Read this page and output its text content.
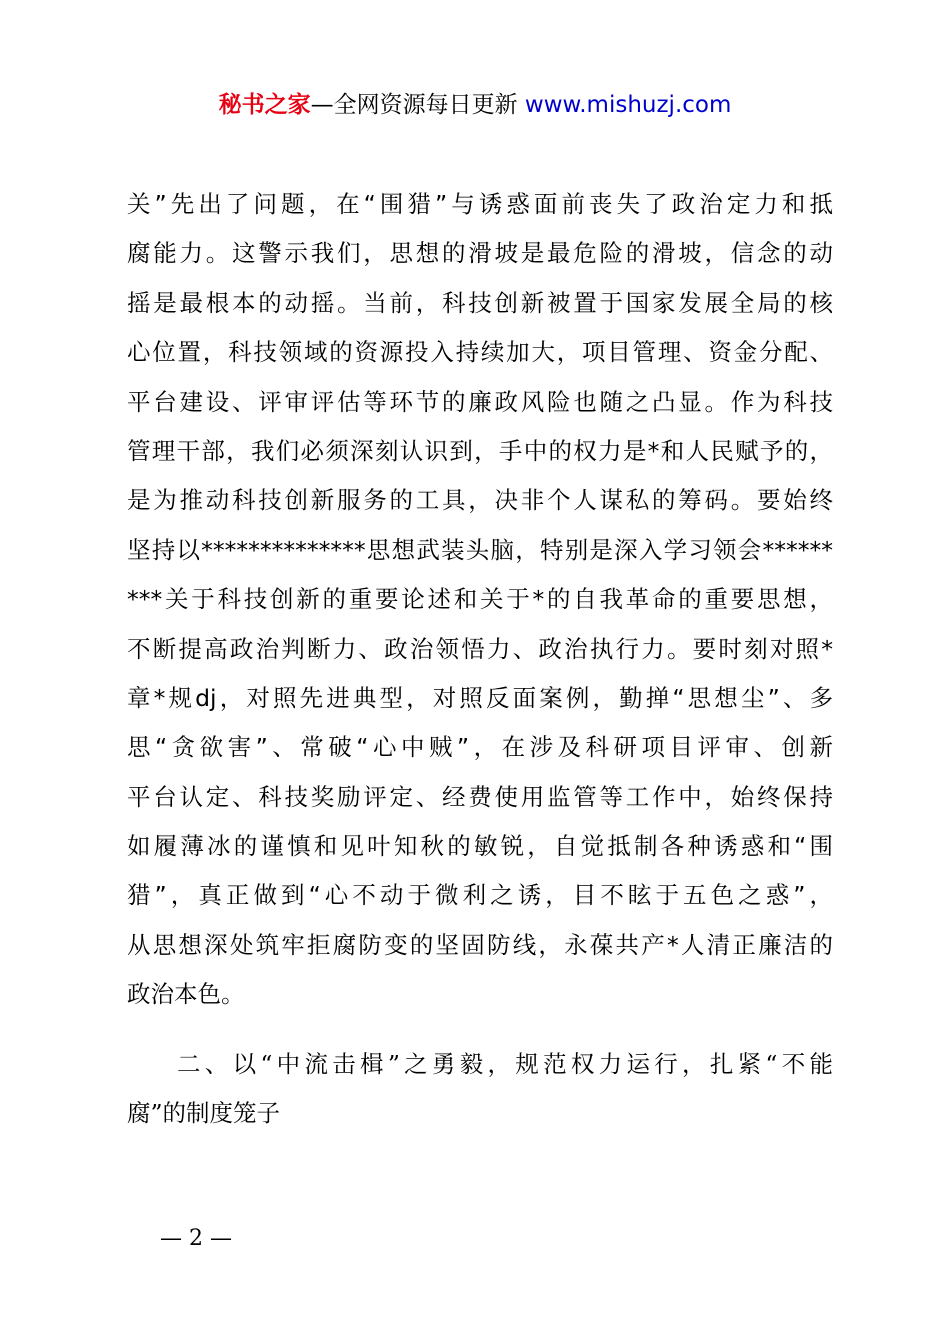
秘书之家—全网资源每日更新 www.mishuzj.com
关”先出了问题，在“围猎”与诱惑面前丧失了政治定力和抵
腐能力。这警示我们，思想的滑坡是最危险的滑坡，信念的动
摇是最根本的动摇。当前，科技创新被置于国家发展全局的核
心位置，科技领域的资源投入持续加大，项目管理、资金分配、
平台建设、评审评估等环节的廉政风险也随之凸显。作为科技
管理干部，我们必须深刻认识到，手中的权力是*和人民赋予的，
是为推动科技创新服务的工具，决非个人谋私的筹码。要始终
坚持以**************思想武装头脑，特别是深入学习领会******
***关于科技创新的重要论述和关于*的自我革命的重要思想，
不断提高政治判断力、政治领悟力、政治执行力。要时刻对照*
章*规dj，对照先进典型，对照反面案例，勤掸“思想尘”、多
思“贪欲害”、常破“心中贼”，在涉及科研项目评审、创新
平台认定、科技奖励评定、经费使用监管等工作中，始终保持
如履薄冰的谨慎和见叶知秋的敏锐，自觉抵制各种诱惑和“围
猎”，真正做到“心不动于微利之诱，目不眩于五色之惑”，
从思想深处筑牢拒腐防变的坚固防线，永葆共产*人清正廉洁的
政治本色。
二、以“中流击楫”之勇毅，规范权力运行，扎紧“不能
腐”的制度笼子
— 2 —
